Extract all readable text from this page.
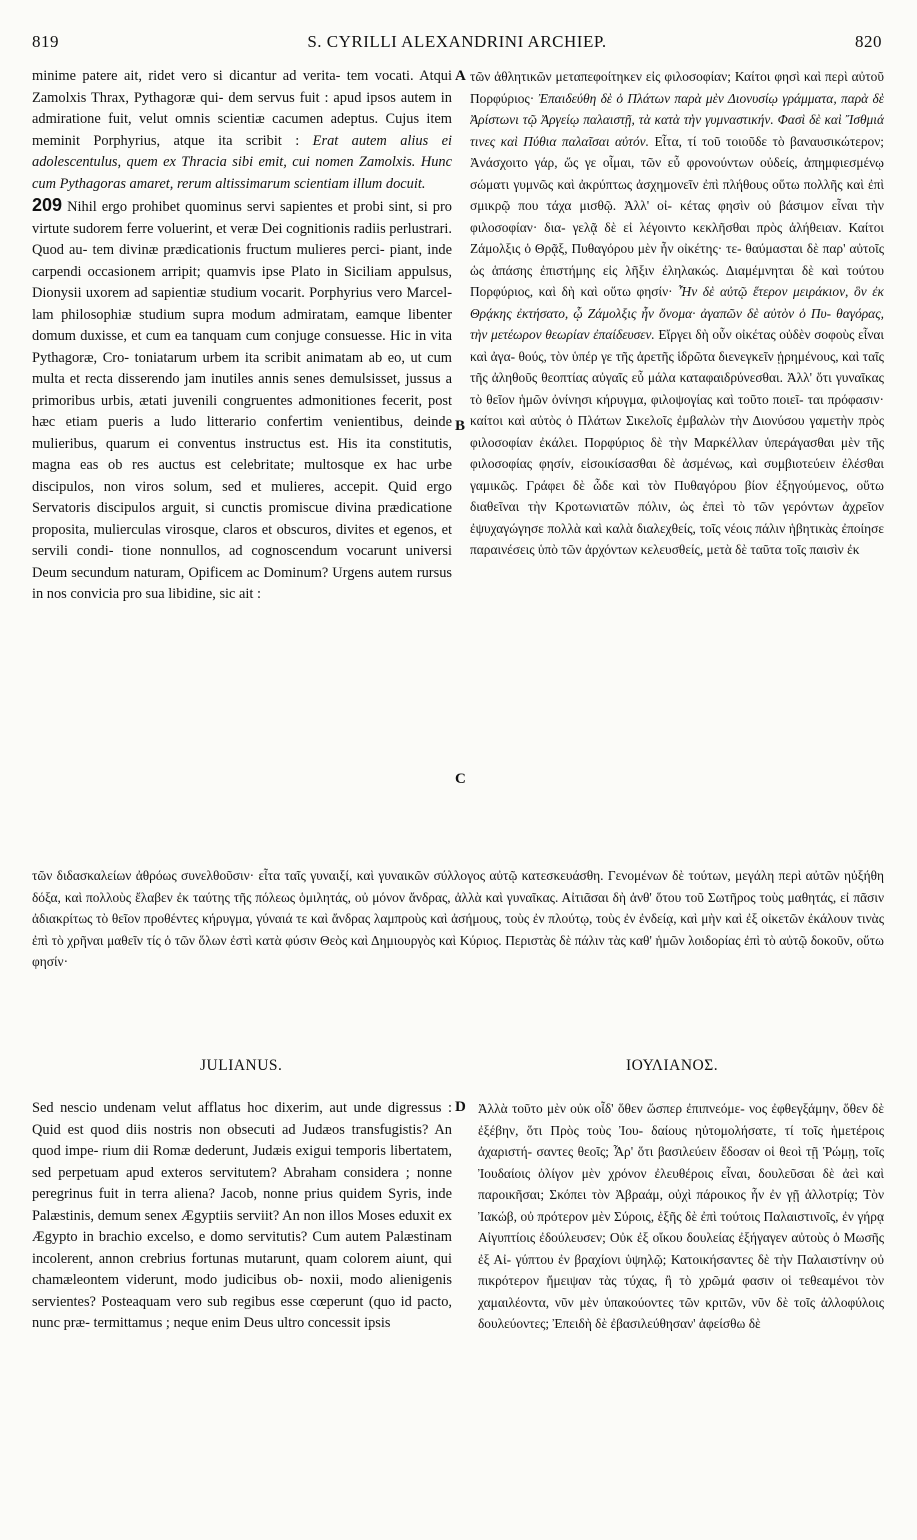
819	S. CYRILLI ALEXANDRINI ARCHIEP.	820
minime patere ait, ridet vero si dicantur ad verita- tem vocati. Atqui Zamolxis Thrax, Pythagoræ qui- dem servus fuit : apud ipsos autem in admiratione fuit, velut omnis scientiæ cacumen adeptus. Cujus item meminit Porphyrius, atque ita scribit : Erat autem alius ei adolescentulus, quem ex Thracia sibi emit, cui nomen Zamolxis. Hunc cum Pythagoras amaret, rerum altissimarum scientiam illum docuit.
209 Nihil ergo prohibet quominus servi sapientes et probi sint, si pro virtute sudorem ferre voluerint, et veræ Dei cognitionis radiis perlustrari. Quod au- tem divinæ prædicationis fructum mulieres perci- piant, inde carpendi occasionem arripit; quamvis ipse Plato in Siciliam appulsus, Dionysii uxorem ad sapientiæ studium vocarit. Porphyrius vero Marcel- lam philosophiæ studium supra modum admiratam, eamque libenter domum duxisse, et cum ea tanquam cum conjuge consuesse. Hic in vita Pythagoræ, Cro- toniatarum urbem ita scribit animatam ab eo, ut cum multa et recta disserendo jam inutiles annis senes demulsisset, jussus a primoribus urbis, ætati juvenili congruentes admonitiones fecerit, post hæc etiam pueris a ludo litterario confertim venientibus, deinde mulieribus, quarum ei conventus instructus est. His ita constitutis, magna eas ob res auctus est celebritate; multosque ex hac urbe discipulos, non viros solum, sed et mulieres, accepit. Quid ergo Servatoris discipulos arguit, si cunctis promiscue divina prædicatione proposita, mulierculas virosque, claros et obscuros, divites et egenos, et servili condi- tione nonnullos, ad cognoscendum vocarunt universi Deum secundum naturam, Opificem ac Dominum? Urgens autem rursus in nos convicia pro sua libidine, sic ait :
A
B
C
D
τῶν ἀθλητικῶν μεταπεφοίτηκεν εἰς φιλοσοφίαν; Καίτοι φησὶ καὶ περὶ αὐτοῦ Πορφύριος· Ἐπαιδεύθη δὲ ὁ Πλάτων παρὰ μὲν Διονυσίῳ γράμματα, παρὰ δὲ Ἀρίστωνι τῷ Ἀργείῳ παλαιστῇ, τὰ κατὰ τὴν γυμναστικήν. Φασὶ δὲ καὶ Ἴσθμιά τινες καὶ Πύθια παλαῖσαι αὐτόν. Εἶτα, τί τοῦ τοιοῦδε τὸ βαναυσικώτερον; Ἀνάσχοιτο γάρ, ὥς γε οἶμαι, τῶν εὖ φρονούντων οὐδείς, ἀπημφιεσμένῳ σώματι γυμνῶς καὶ ἀκρύπτως ἀσχημονεῖν ἐπὶ πλήθους οὕτω πολλῆς καὶ ἐπὶ σμικρῷ που τάχα μισθῷ. Ἀλλ' οἰ- κέτας φησὶν οὐ βάσιμον εἶναι τὴν φιλοσοφίαν· δια- γελᾷ δὲ εἰ λέγοιντο κεκλῆσθαι πρὸς ἀλήθειαν. Καίτοι Ζάμολξις ὁ Θρᾷξ, Πυθαγόρου μὲν ἦν οἰκέτης· τε- θαύμασται δὲ παρ' αὐτοῖς ὡς ἁπάσης ἐπιστήμης εἰς λῆξιν ἐληλακώς. Διαμέμνηται δὲ καὶ τούτου Πορφύριος, καὶ δὴ καὶ οὕτω φησίν· Ἦν δὲ αὐτῷ ἕτερον μειράκιον, ὃν ἐκ Θρᾴκης ἐκτήσατο, ᾧ Ζάμολξις ἦν ὄνομα· ἀγαπῶν δὲ αὐτὸν ὁ Πυ- θαγόρας, τὴν μετέωρον θεωρίαν ἐπαίδευσεν. Εἴργει δὴ οὖν οἰκέτας οὐδὲν σοφοὺς εἶναι καὶ ἀγα- θούς, τὸν ὑπέρ γε τῆς ἀρετῆς ἱδρῶτα διενεγκεῖν ᾑρημένους, καὶ ταῖς τῆς ἀληθοῦς θεοπτίας αὐγαῖς εὖ μάλα καταφαιδρύνεσθαι. Ἀλλ' ὅτι γυναῖκας τὸ θεῖον ἡμῶν ὀνίνησι κήρυγμα, φιλοψογίας καὶ τοῦτο ποιεῖ- ται πρόφασιν· καίτοι καὶ αὐτὸς ὁ Πλάτων Σικελοῖς ἐμβαλὼν τὴν Διονύσου γαμετὴν πρὸς φιλοσοφίαν ἐκάλει. Πορφύριος δὲ τὴν Μαρκέλλαν ὑπεράγασθαι μὲν τῆς φιλοσοφίας φησίν, εἰσοικίσασθαι δὲ ἀσμένως, καὶ συμβιοτεύειν ἐλέσθαι γαμικῶς. Γράφει δὲ ὧδε καὶ τὸν Πυθαγόρου βίον ἐξηγούμενος, οὕτω διαθεῖναι τὴν Κροτωνιατῶν πόλιν, ὡς ἐπεὶ τὸ τῶν γερόντων ἀχρεῖον ἐψυχαγώγησε πολλὰ καὶ καλὰ διαλεχθείς, τοῖς νέοις πάλιν ἡβητικὰς ἐποίησε παραινέσεις ὑπὸ τῶν ἀρχόντων κελευσθείς, μετὰ δὲ ταῦτα τοῖς παισὶν ἐκ
τῶν διδασκαλείων ἀθρόως συνελθοῦσιν· εἶτα ταῖς γυναιξί, καὶ γυναικῶν σύλλογος αὐτῷ κατεσκευάσθη. Γενομένων δὲ τούτων, μεγάλη περὶ αὐτῶν ηὐξήθη δόξα, καὶ πολλοὺς ἔλαβεν ἐκ ταύτης τῆς πόλεως ὁμιλητάς, οὐ μόνον ἄνδρας, ἀλλὰ καὶ γυναῖκας. Αἰτιᾶσαι δὴ ἀνθ' ὅτου τοῦ Σωτῆρος τοὺς μαθητάς, εἰ πᾶσιν ἀδιακρίτως τὸ θεῖον προθέντες κήρυγμα, γύναιά τε καὶ ἄνδρας λαμπροὺς καὶ ἀσήμους, τοὺς ἐν πλούτῳ, τοὺς ἐν ἐνδείᾳ, καὶ μὴν καὶ ἐξ οἰκετῶν ἐκάλουν τινὰς ἐπὶ τὸ χρῆναι μαθεῖν τίς ὁ τῶν ὅλων ἐστὶ κατὰ φύσιν Θεὸς καὶ Δημιουργὸς καὶ Κύριος. Περιστὰς δὲ πάλιν τὰς καθ' ἡμῶν λοιδορίας ἐπὶ τὸ αὐτῷ δοκοῦν, οὕτω φησίν·
JULIANUS.	ΙΟΥΛΙΑΝΟΣ.
Sed nescio undenam velut afflatus hoc dixerim, aut unde digressus : Quid est quod diis nostris non obsecuti ad Judæos transfugistis? An quod impe- rium dii Romæ dederunt, Judæis exigui temporis libertatem, sed perpetuam apud exteros servitutem? Abraham considera ; nonne peregrinus fuit in terra aliena? Jacob, nonne prius quidem Syris, inde Palæstinis, demum senex Ægyptiis serviit? An non illos Moses eduxit ex Ægypto in brachio excelso, e domo servitutis? Cum autem Palæstinam incolerent, annon crebrius fortunas mutarunt, quam colorem aiunt, qui chamæleontem viderunt, modo judicibus ob- noxii, modo alienigenis servientes? Posteaquam vero sub regibus esse cœperunt (quo id pacto, nunc præ- termittamus ; neque enim Deus ultro concessit ipsis
Ἀλλὰ τοῦτο μὲν οὐκ οἶδ' ὅθεν ὥσπερ ἐπιπνεόμε- νος ἐφθεγξάμην, ὅθεν δὲ ἐξέβην, ὅτι Πρὸς τοὺς Ἰου- δαίους ηὐτομολήσατε, τί τοῖς ἡμετέροις ἀχαριστή- σαντες θεοῖς; Ἆρ' ὅτι βασιλεύειν ἔδοσαν οἱ θεοὶ τῇ Ῥώμῃ, τοῖς Ἰουδαίοις ὀλίγον μὲν χρόνον ἐλευθέροις εἶναι, δουλεῦσαι δὲ ἀεὶ καὶ παροικῆσαι; Σκόπει τὸν Ἀβραάμ, οὐχὶ πάροικος ἦν ἐν γῇ ἀλλοτρίᾳ; Τὸν Ἰακώβ, οὐ πρότερον μὲν Σύροις, ἑξῆς δὲ ἐπὶ τούτοις Παλαιστινοῖς, ἐν γήρᾳ Αἰγυπτίοις ἐδούλευσεν; Οὐκ ἐξ οἴκου δουλείας ἐξήγαγεν αὐτοὺς ὁ Μωσῆς ἐξ Αἰ- γύπτου ἐν βραχίονι ὑψηλῷ; Κατοικήσαντες δὲ τὴν Παλαιστίνην οὐ πικρότερον ἤμειψαν τὰς τύχας, ἢ τὸ χρῶμά φασιν οἱ τεθεαμένοι τὸν χαμαιλέοντα, νῦν μὲν ὑπακούοντες τῶν κριτῶν, νῦν δὲ τοῖς ἀλλοφύλοις δουλεύοντες; Ἐπειδὴ δὲ ἐβασιλεύθησαν' ἀφείσθω δὲ
